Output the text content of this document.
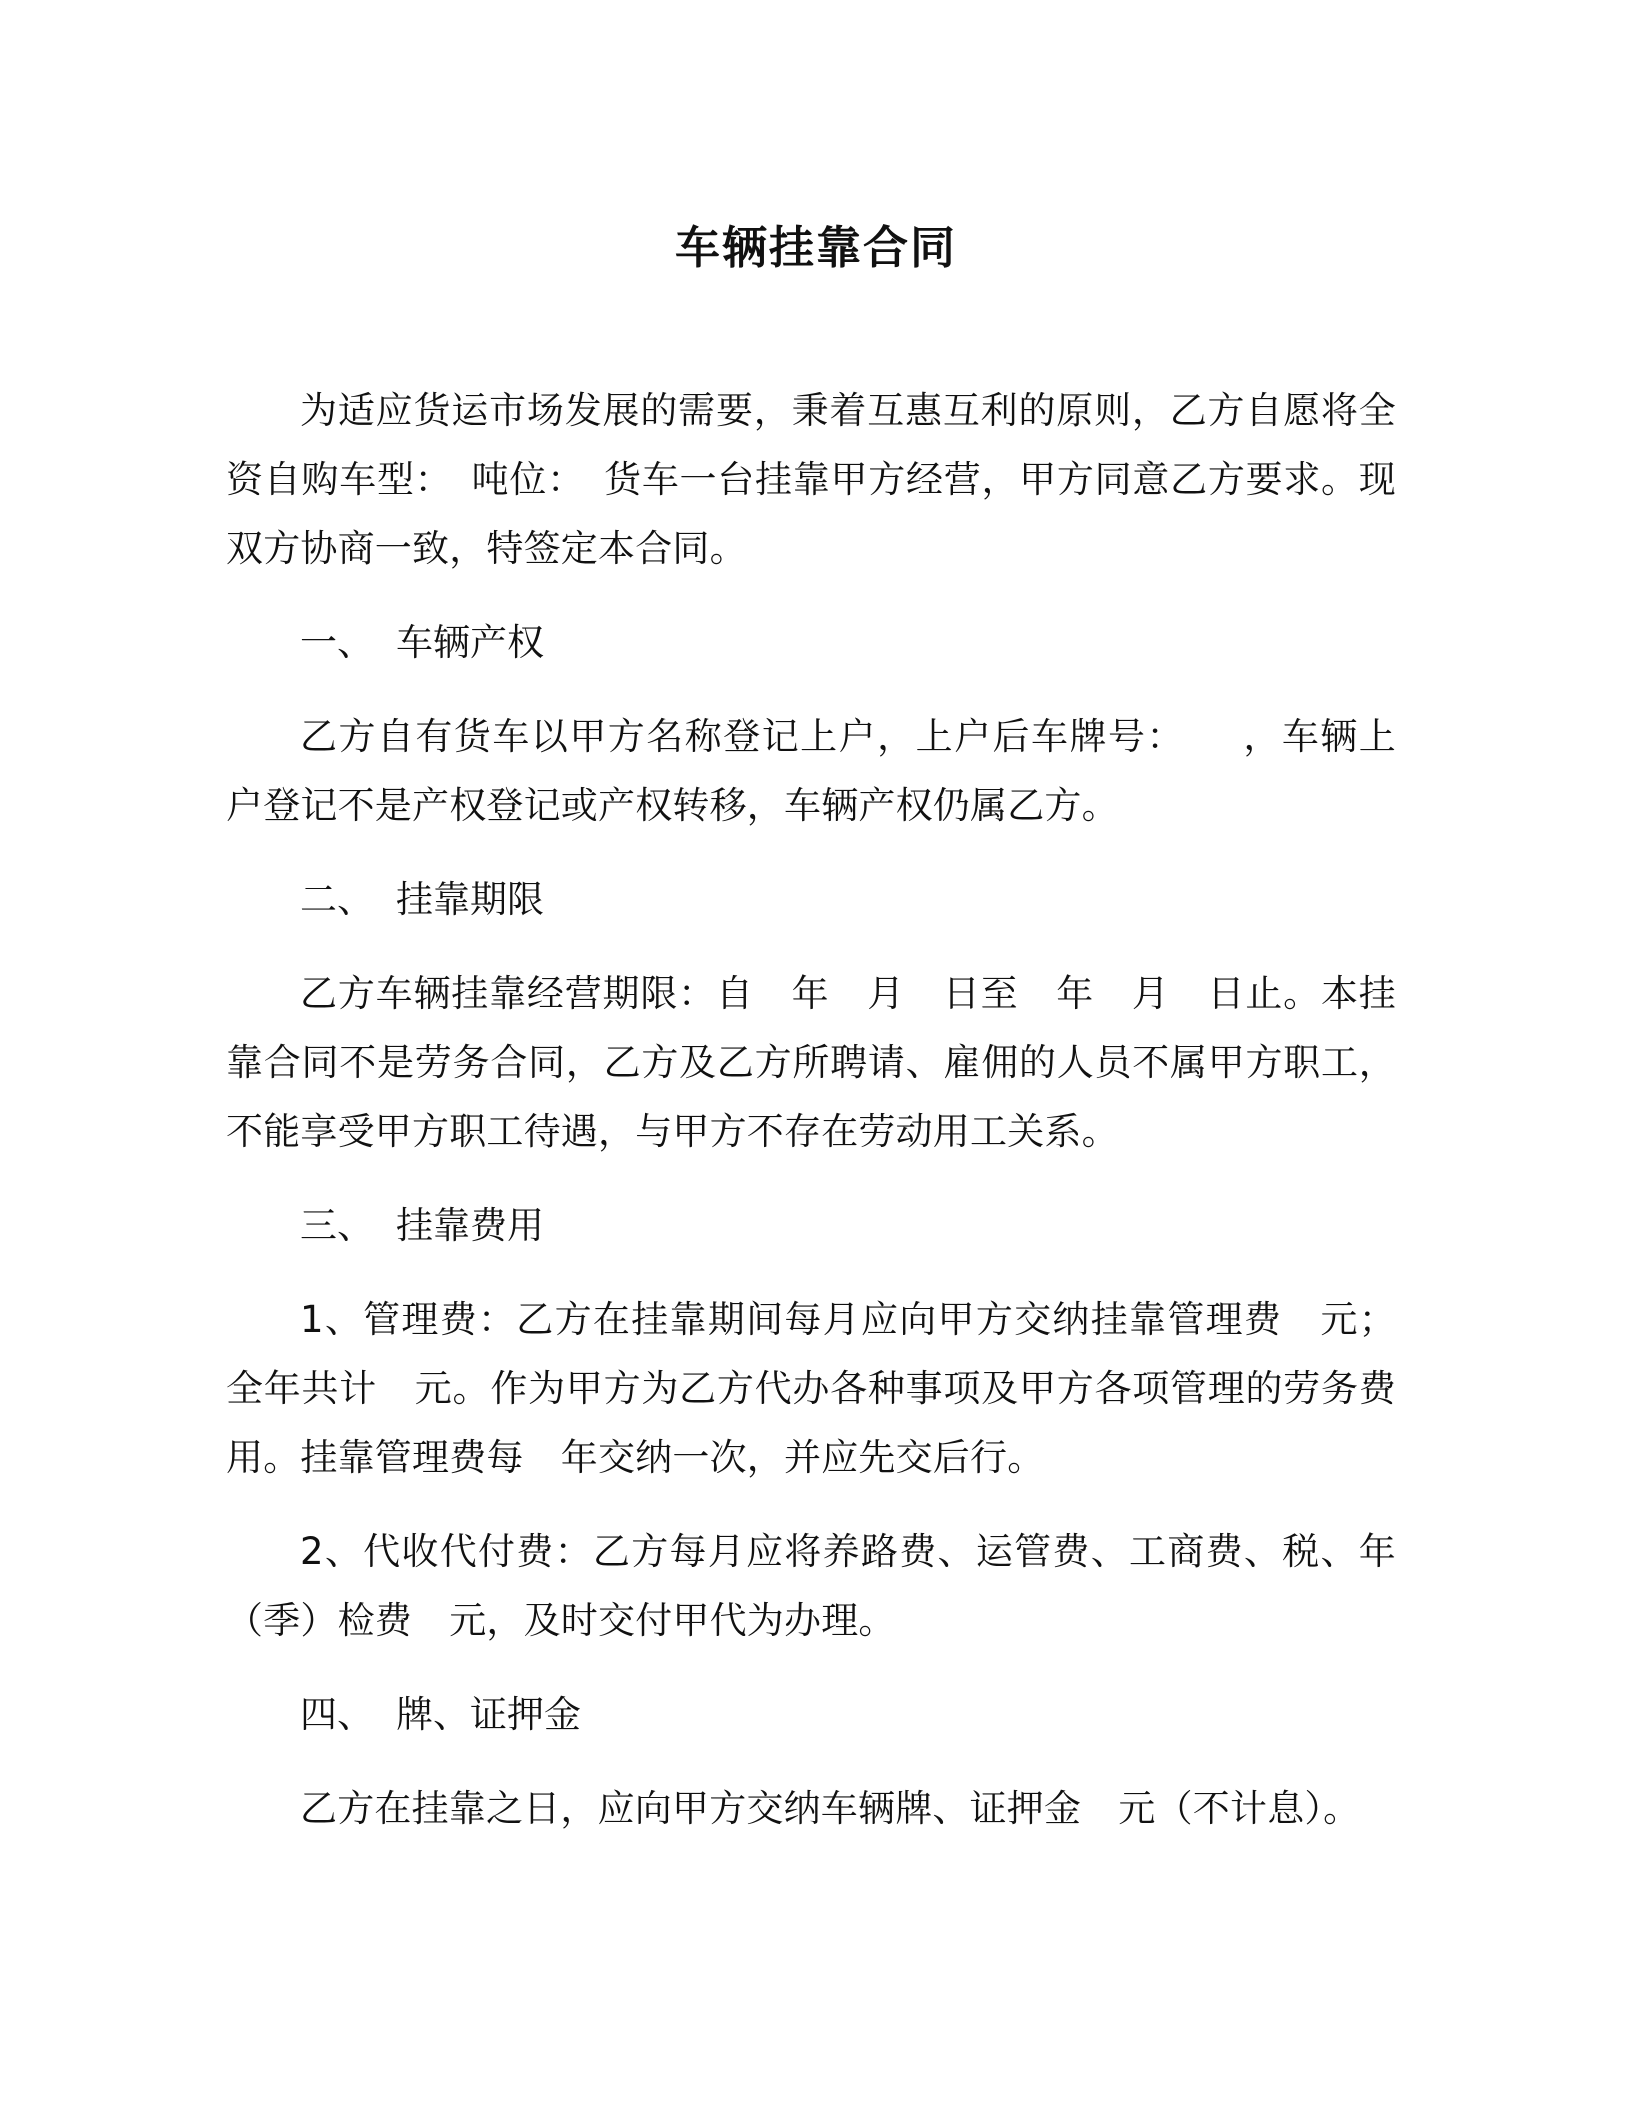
车辆挂靠合同

为适应货运市场发展的需要，秉着互惠互利的原则，乙方自愿将全资自购车型：　吨位：　货车一台挂靠甲方经营，甲方同意乙方要求。现双方协商一致，特签定本合同。

一、 车辆产权

乙方自有货车以甲方名称登记上户，上户后车牌号：　　，车辆上户登记不是产权登记或产权转移，车辆产权仍属乙方。

二、 挂靠期限

乙方车辆挂靠经营期限：自　年　月　日至　年　月　日止。本挂靠合同不是劳务合同，乙方及乙方所聘请、雇佣的人员不属甲方职工，不能享受甲方职工待遇，与甲方不存在劳动用工关系。

三、 挂靠费用

1、管理费：乙方在挂靠期间每月应向甲方交纳挂靠管理费　元；全年共计　元。作为甲方为乙方代办各种事项及甲方各项管理的劳务费用。挂靠管理费每　年交纳一次，并应先交后行。

2、代收代付费：乙方每月应将养路费、运管费、工商费、税、年（季）检费　元，及时交付甲代为办理。

四、 牌、证押金

乙方在挂靠之日，应向甲方交纳车辆牌、证押金　元（不计息）。
